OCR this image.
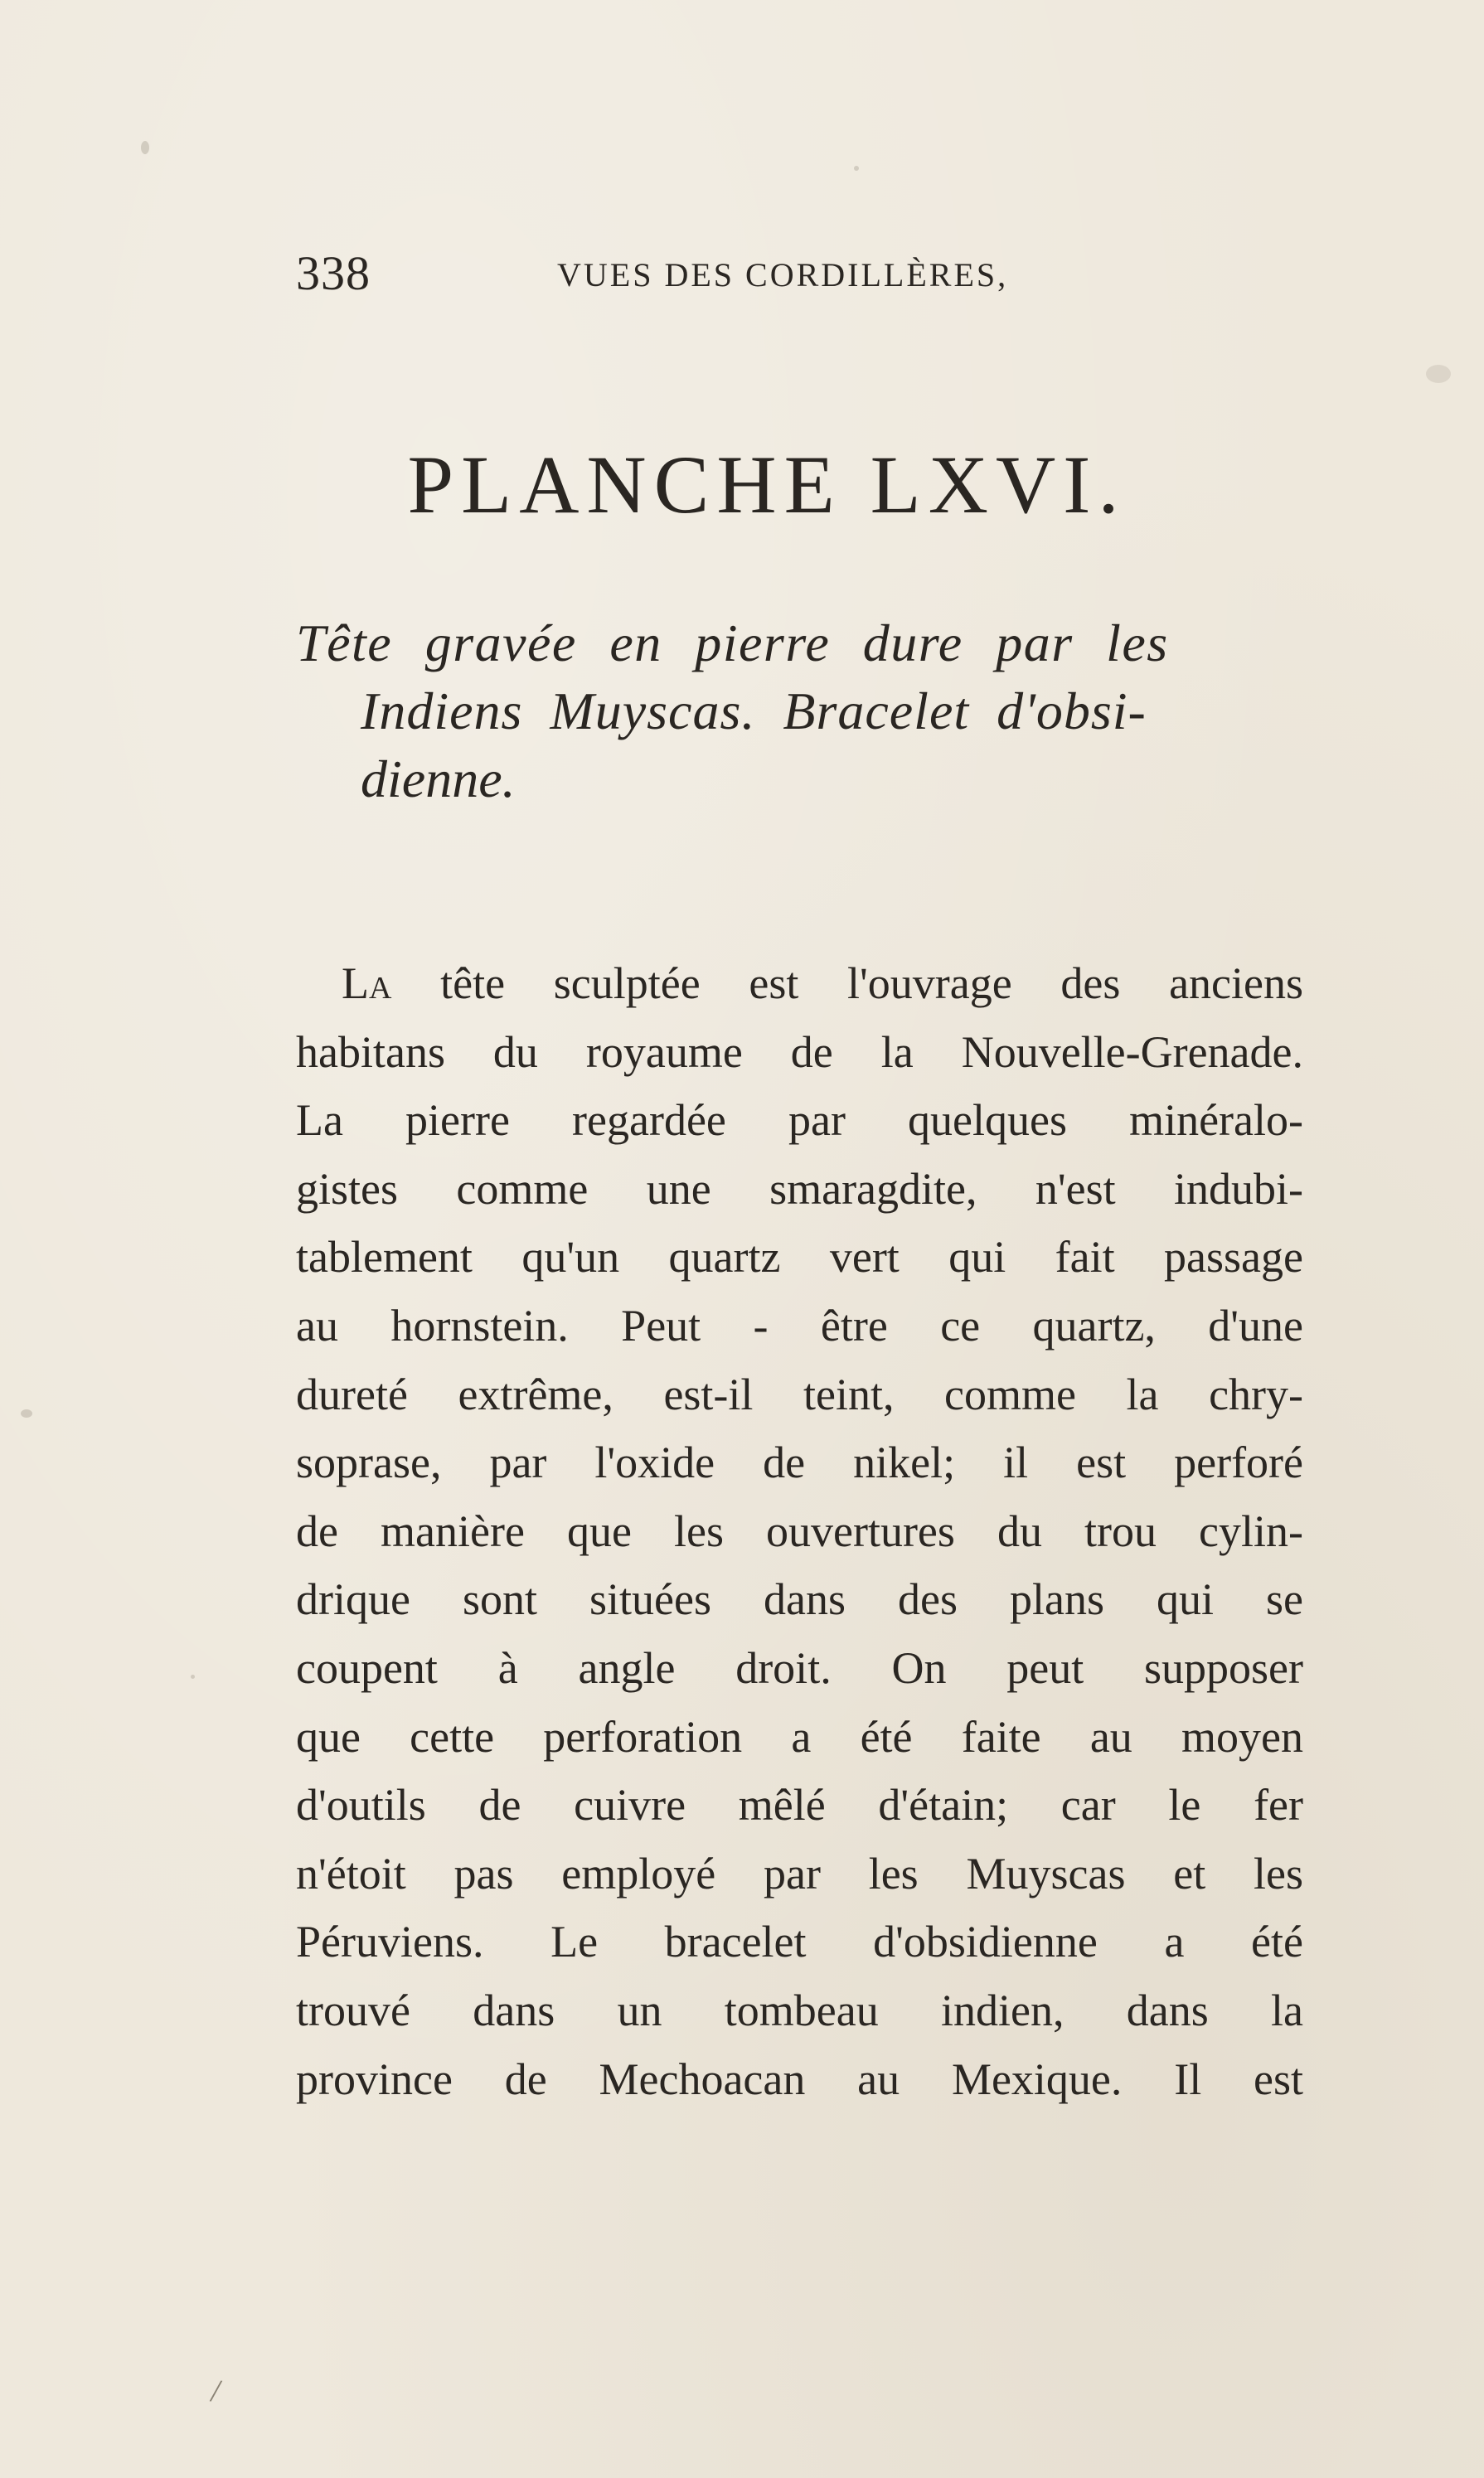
338	VUES DES CORDILLÈRES,
PLANCHE LXVI.
Tête gravée en pierre dure par les
Indiens Muyscas. Bracelet d'obsi-
dienne.
La tête sculptée est l'ouvrage des anciens
habitans du royaume de la Nouvelle-Grenade.
La pierre regardée par quelques minéralo-
gistes comme une smaragdite, n'est indubi-
tablement qu'un quartz vert qui fait passage
au hornstein. Peut - être ce quartz, d'une
dureté extrême, est-il teint, comme la chry-
soprase, par l'oxide de nikel; il est perforé
de manière que les ouvertures du trou cylin-
drique sont situées dans des plans qui se
coupent à angle droit. On peut supposer
que cette perforation a été faite au moyen
d'outils de cuivre mêlé d'étain; car le fer
n'étoit pas employé par les Muyscas et les
Péruviens. Le bracelet d'obsidienne a été
trouvé dans un tombeau indien, dans la
province de Mechoacan au Mexique. Il est
/
